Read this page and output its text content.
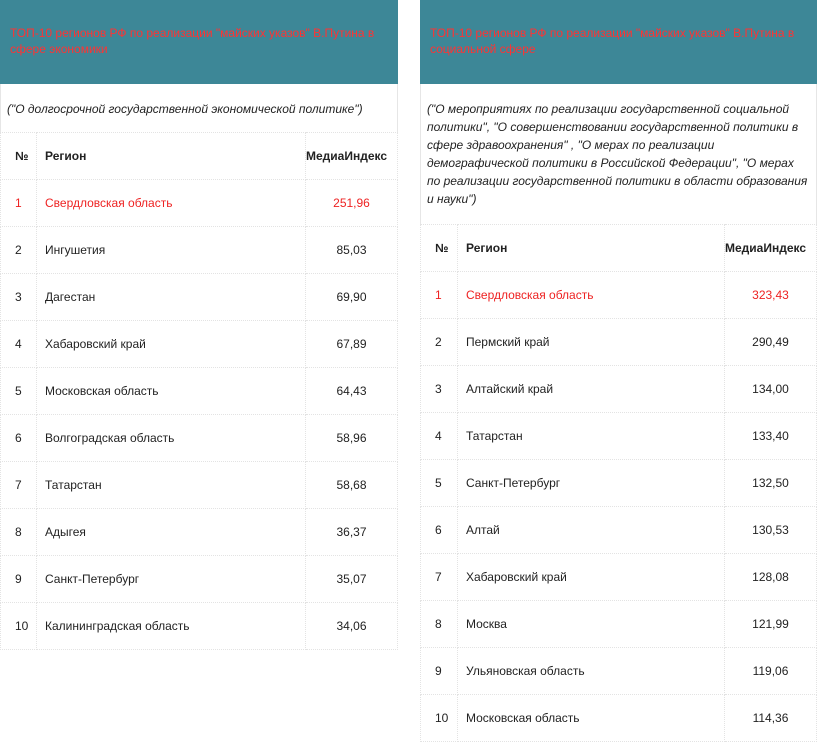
ТОП-10 регионов РФ по реализации "майских указов" В.Путина в сфере экономики
("О долгосрочной государственной экономической политике")
№	Регион	МедиаИндекс
1	Свердловская область	251,96
2	Ингушетия	85,03
3	Дагестан	69,90
4	Хабаровский край	67,89
5	Московская область	64,43
6	Волгоградская область	58,96
7	Татарстан	58,68
8	Адыгея	36,37
9	Санкт-Петербург	35,07
10	Калининградская область	34,06
ТОП-10 регионов РФ по реализации "майских указов" В.Путина в социальной сфере
("О мероприятиях по реализации государственной социальной политики", "О совершенствовании государственной политики в сфере здравоохранения" , "О мерах по реализации демографической политики в Российской Федерации", "О мерах по реализации государственной политики в области образования и науки")
№	Регион	МедиаИндекс
1	Свердловская область	323,43
2	Пермский край	290,49
3	Алтайский край	134,00
4	Татарстан	133,40
5	Санкт-Петербург	132,50
6	Алтай	130,53
7	Хабаровский край	128,08
8	Москва	121,99
9	Ульяновская область	119,06
10	Московская область	114,36
